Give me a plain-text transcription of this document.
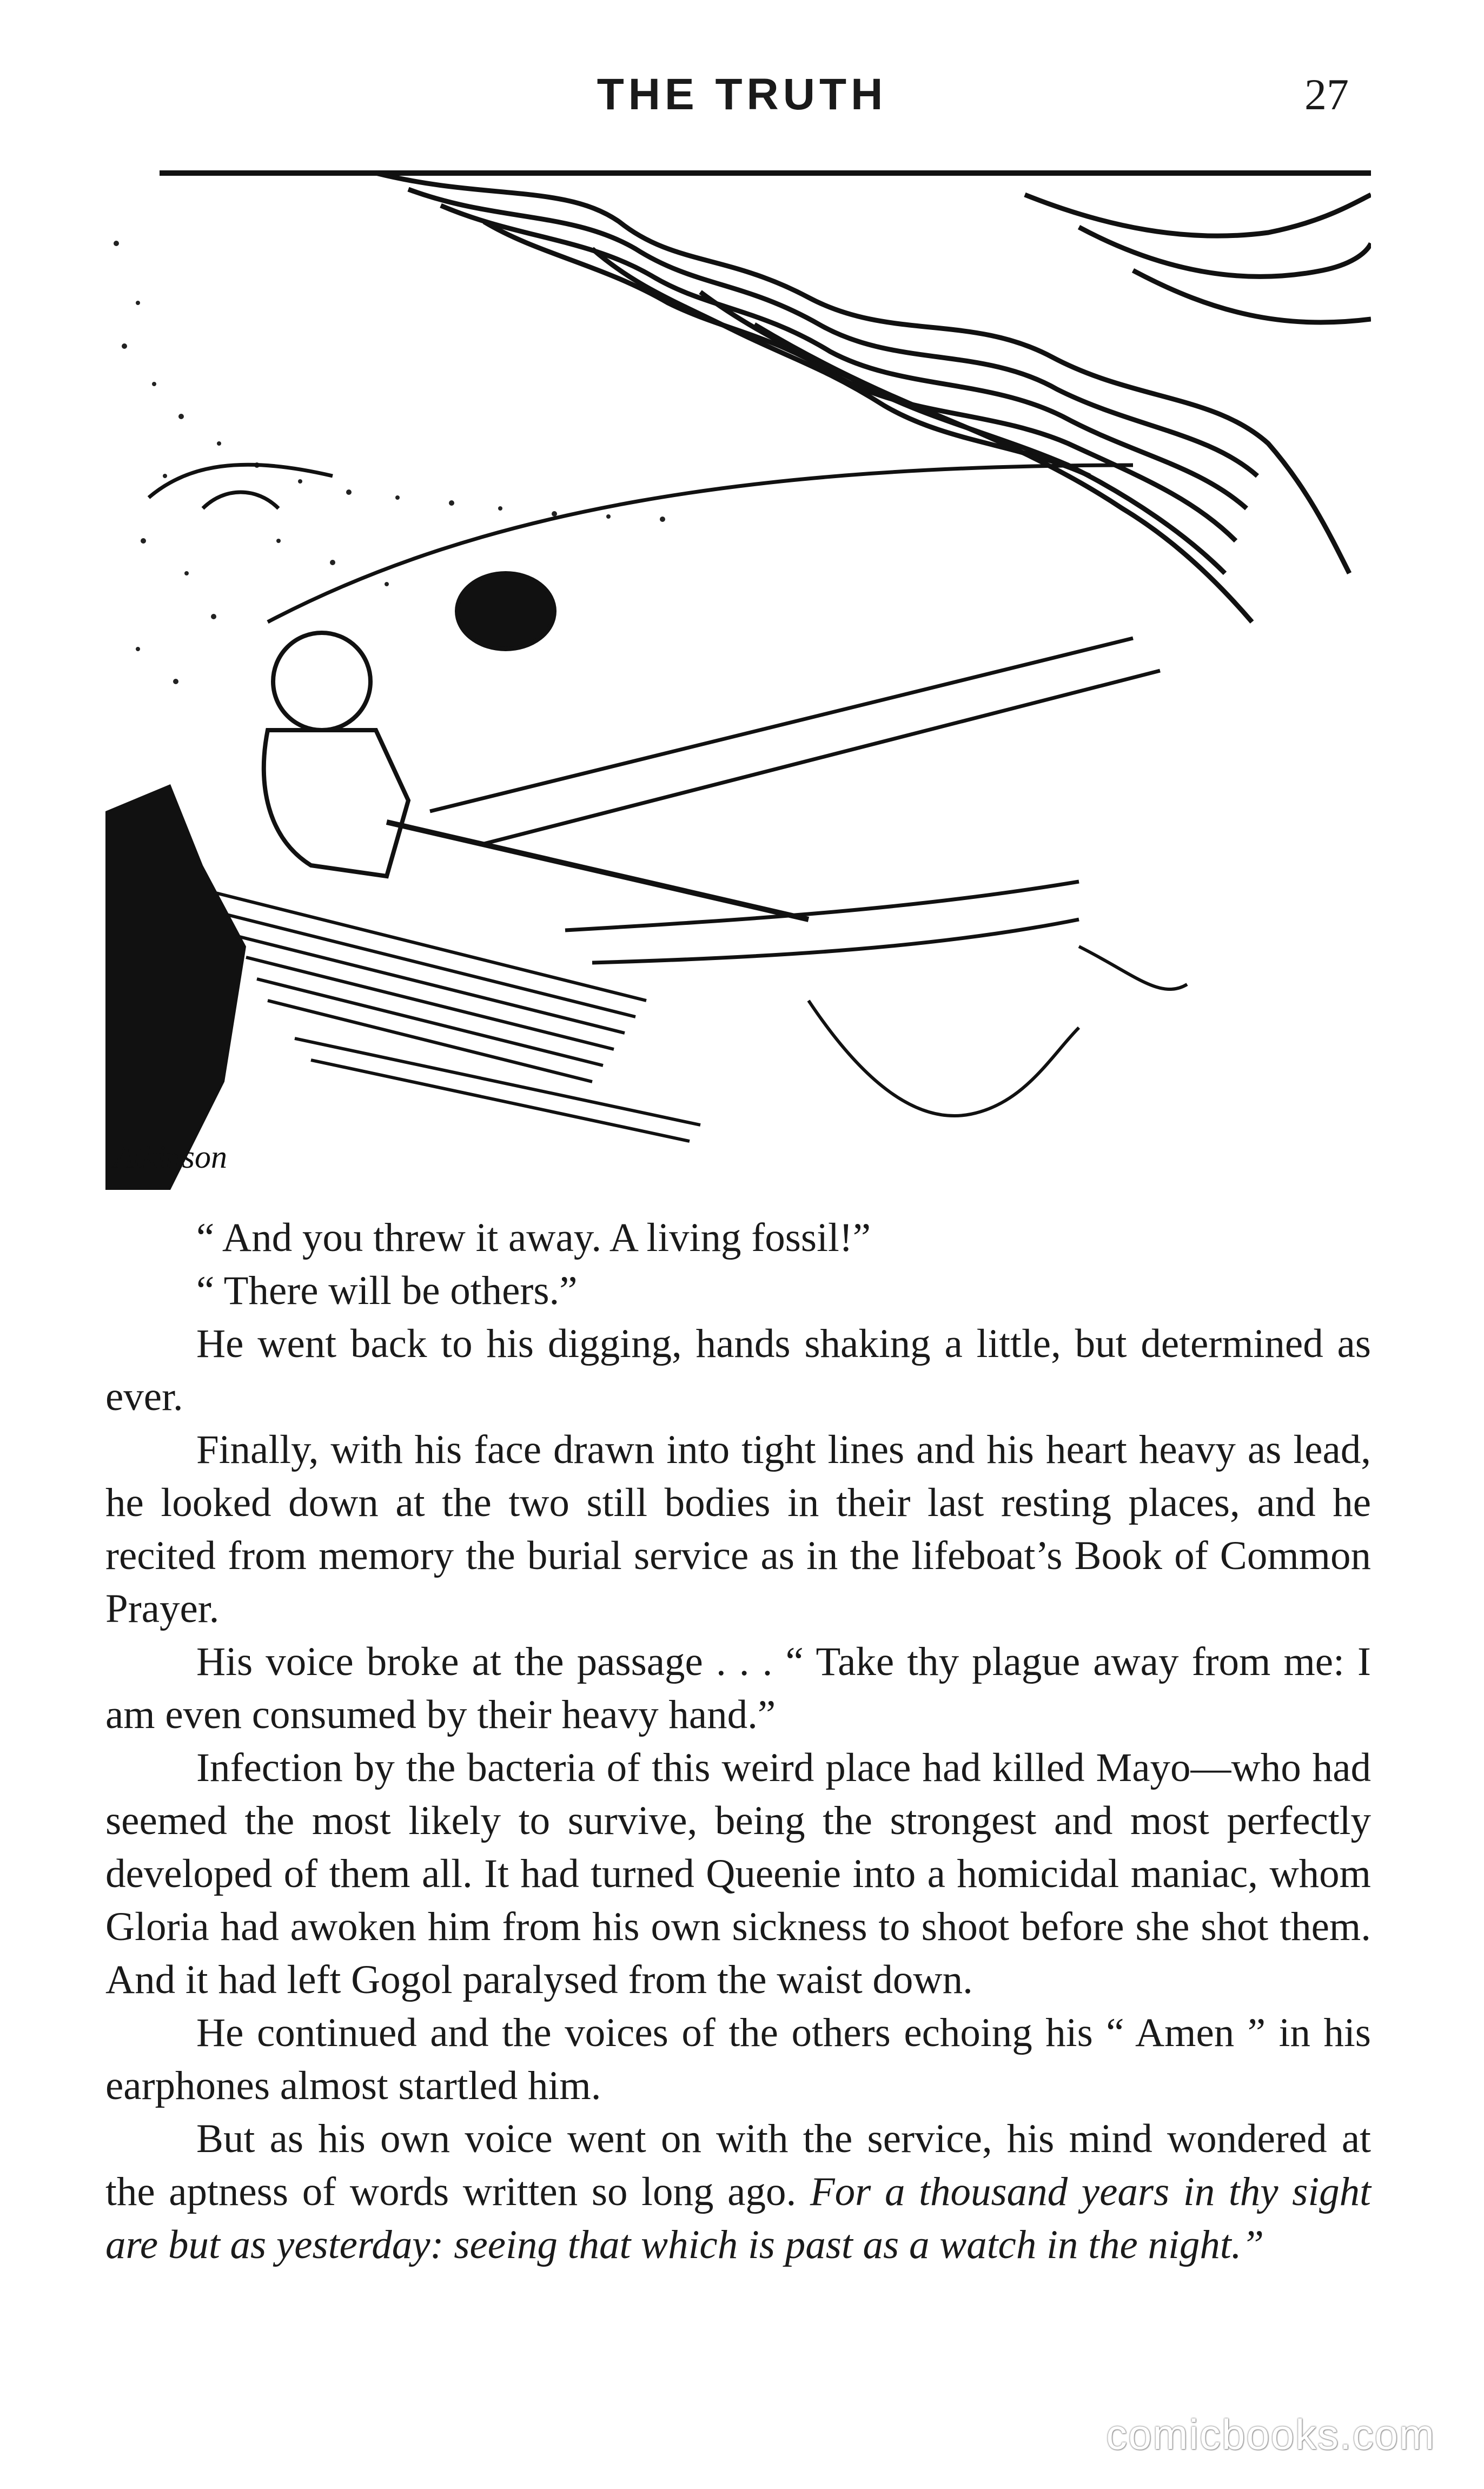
THE TRUTH	27
Atkinson

“ And you threw it away. A living fossil!”

“ There will be others.”

He went back to his digging, hands shaking a little, but determined as ever.

Finally, with his face drawn into tight lines and his heart heavy as lead, he looked down at the two still bodies in their last resting places, and he recited from memory the burial service as in the lifeboat’s Book of Common Prayer.

His voice broke at the passage . . . “ Take thy plague away from me: I am even consumed by their heavy hand.”

Infection by the bacteria of this weird place had killed Mayo—who had seemed the most likely to survive, being the strongest and most perfectly developed of them all. It had turned Queenie into a homicidal maniac, whom Gloria had awoken him from his own sickness to shoot before she shot them. And it had left Gogol paralysed from the waist down.

He continued and the voices of the others echoing his “ Amen ” in his earphones almost startled him.

But as his own voice went on with the service, his mind wondered at the aptness of words written so long ago. For a thousand years in thy sight are but as yesterday: seeing that which is past as a watch in the night.”

comicbooks.com
